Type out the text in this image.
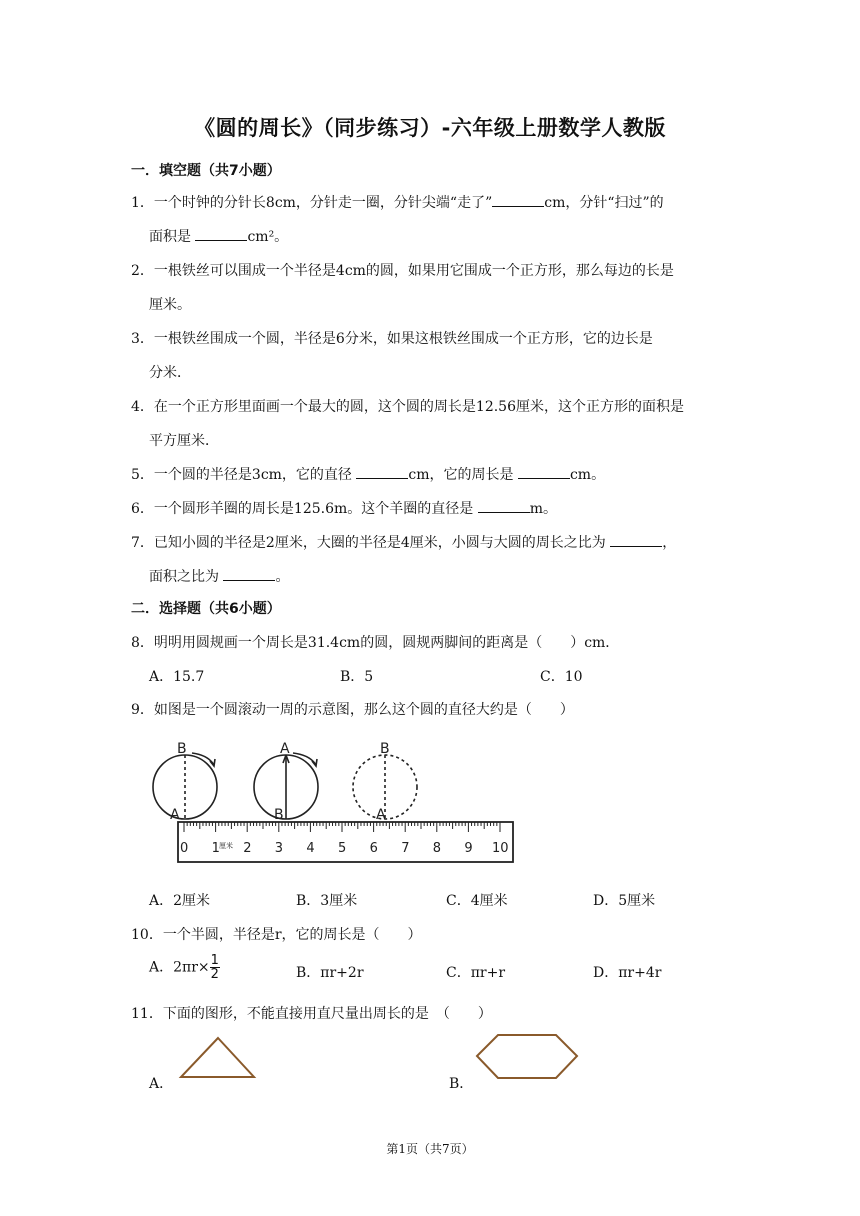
《圆的周长》（同步练习）-六年级上册数学人教版
一．填空题（共7小题）
1．一个时钟的分针长8cm，分针走一圈，分针尖端“走了”	cm，分针“扫过”的
面积是	cm²。
2．一根铁丝可以围成一个半径是4cm的圆，如果用它围成一个正方形，那么每边的长是
厘米。
3．一根铁丝围成一个圆，半径是6分米，如果这根铁丝围成一个正方形，它的边长是
分米．
4．在一个正方形里面画一个最大的圆，这个圆的周长是12.56厘米，这个正方形的面积是
平方厘米．
5．一个圆的半径是3cm，它的直径	cm，它的周长是	cm。
6．一个圆形羊圈的周长是125.6m。这个羊圈的直径是	m。
7．已知小圆的半径是2厘米，大圈的半径是4厘米，小圆与大圆的周长之比为	，
面积之比为	。
二．选择题（共6小题）
8．明明用圆规画一个周长是31.4cm的圆，圆规两脚间的距离是（　　）cm．
A．15.7	B．5	C．10
9．如图是一个圆滚动一周的示意图，那么这个圆的直径大约是（　　）
B
A
A
B
B
A
0 1 2 3 4 5 6 7 8 9 10
厘米
A．2厘米	B．3厘米	C．4厘米	D．5厘米
10．一个半圆，半径是r，它的周长是（　　）
A．$2\pi r\times \frac{1}{2}$	B．πr+2r	C．πr+r	D．πr+4r
11．下面的图形，不能直接用直尺量出周长的是　（　　）
A．	B．
第1页（共7页）
